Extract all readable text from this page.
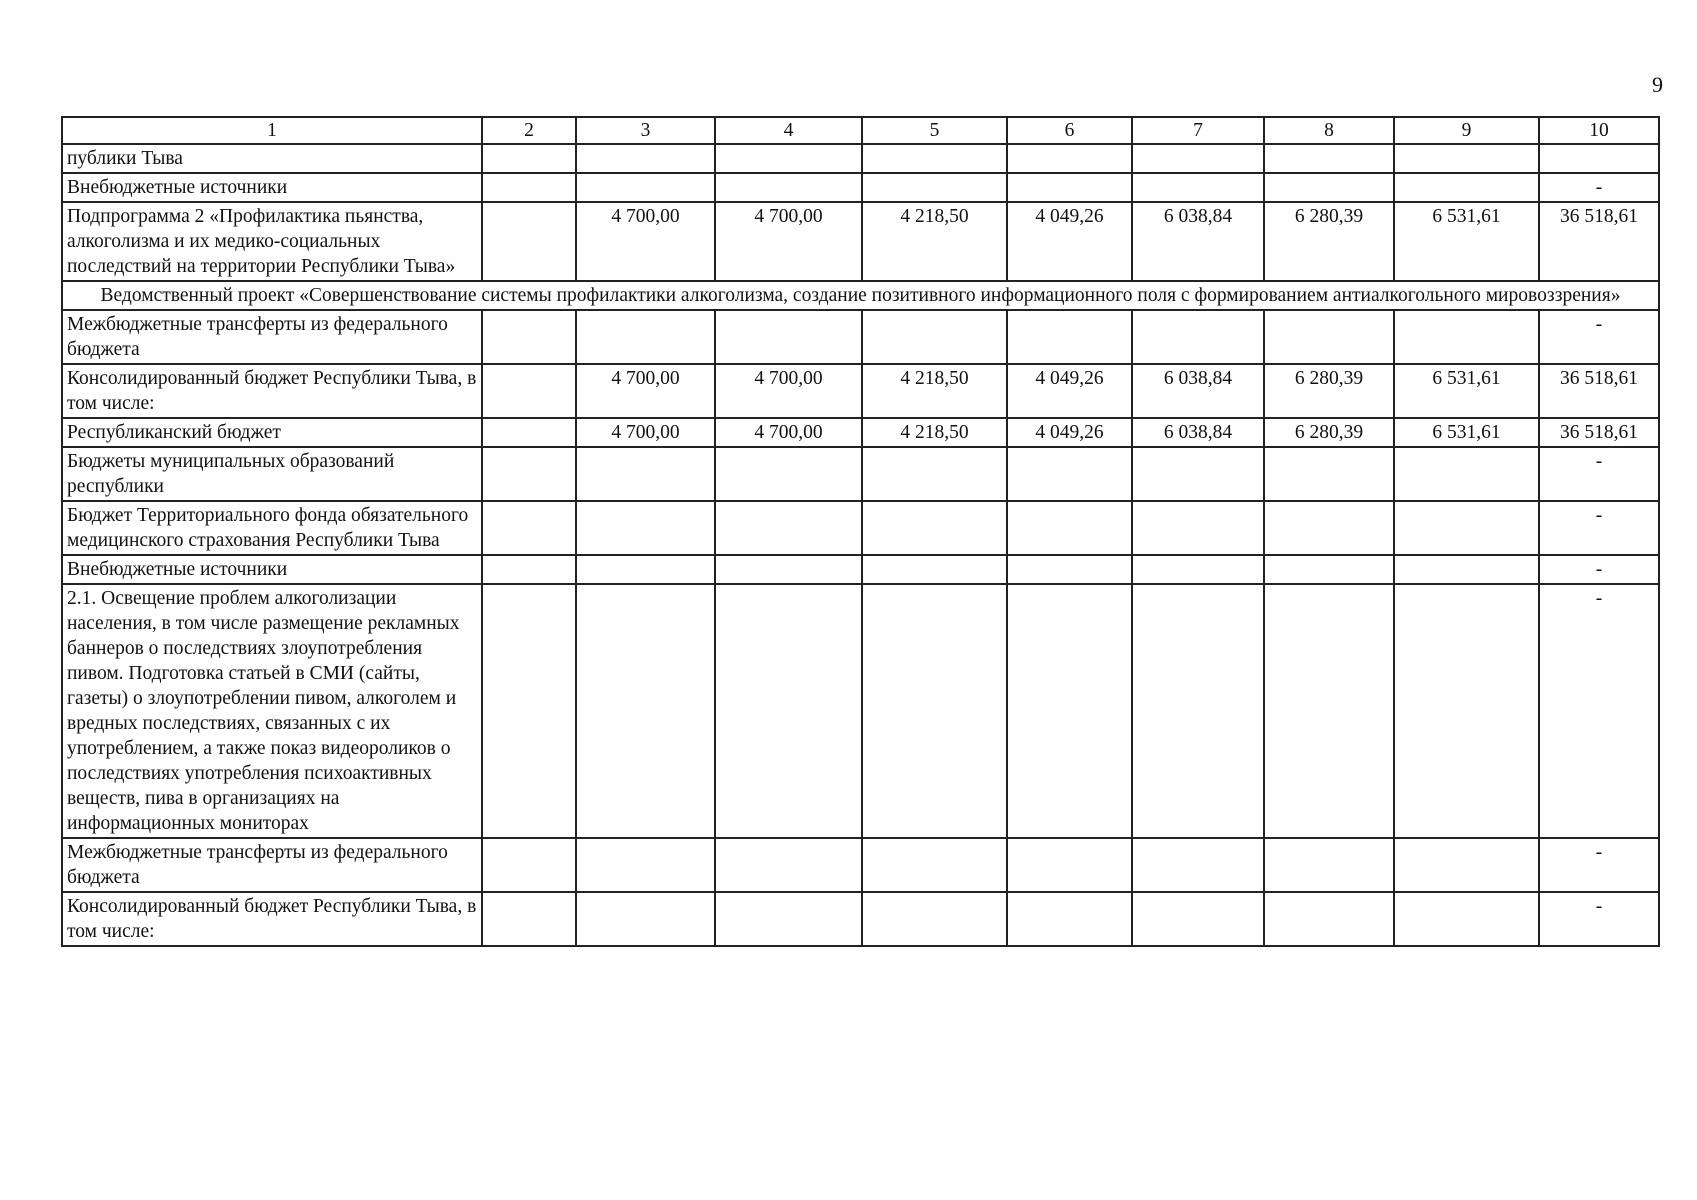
9
1	2	3	4	5	6	7	8	9	10
публики Тыва									
Внебюджетные источники									-
Подпрограмма 2 «Профилактика пьянства, алкоголизма и их медико-социальных последствий на территории Республики Тыва»		4 700,00	4 700,00	4 218,50	4 049,26	6 038,84	6 280,39	6 531,61	36 518,61
Ведомственный проект «Совершенствование системы профилактики алкоголизма, создание позитивного информационного поля с формированием антиалкогольного мировоззрения»									
Межбюджетные трансферты из федерального бюджета									-
Консолидированный бюджет Республики Тыва, в том числе:		4 700,00	4 700,00	4 218,50	4 049,26	6 038,84	6 280,39	6 531,61	36 518,61
Республиканский бюджет		4 700,00	4 700,00	4 218,50	4 049,26	6 038,84	6 280,39	6 531,61	36 518,61
Бюджеты муниципальных образований республики									-
Бюджет Территориального фонда обязательного медицинского страхования Республики Тыва									-
Внебюджетные источники									-
2.1. Освещение проблем алкоголизации населения, в том числе размещение рекламных баннеров о последствиях злоупотребления пивом. Подготовка статьей в СМИ (сайты, газеты) о злоупотреблении пивом, алкоголем и вредных последствиях, связанных с их употреблением, а также показ видеороликов о последствиях употребления психоактивных веществ, пива в организациях на информационных мониторах									-
Межбюджетные трансферты из федерального бюджета									-
Консолидированный бюджет Республики Тыва, в том числе:									-
